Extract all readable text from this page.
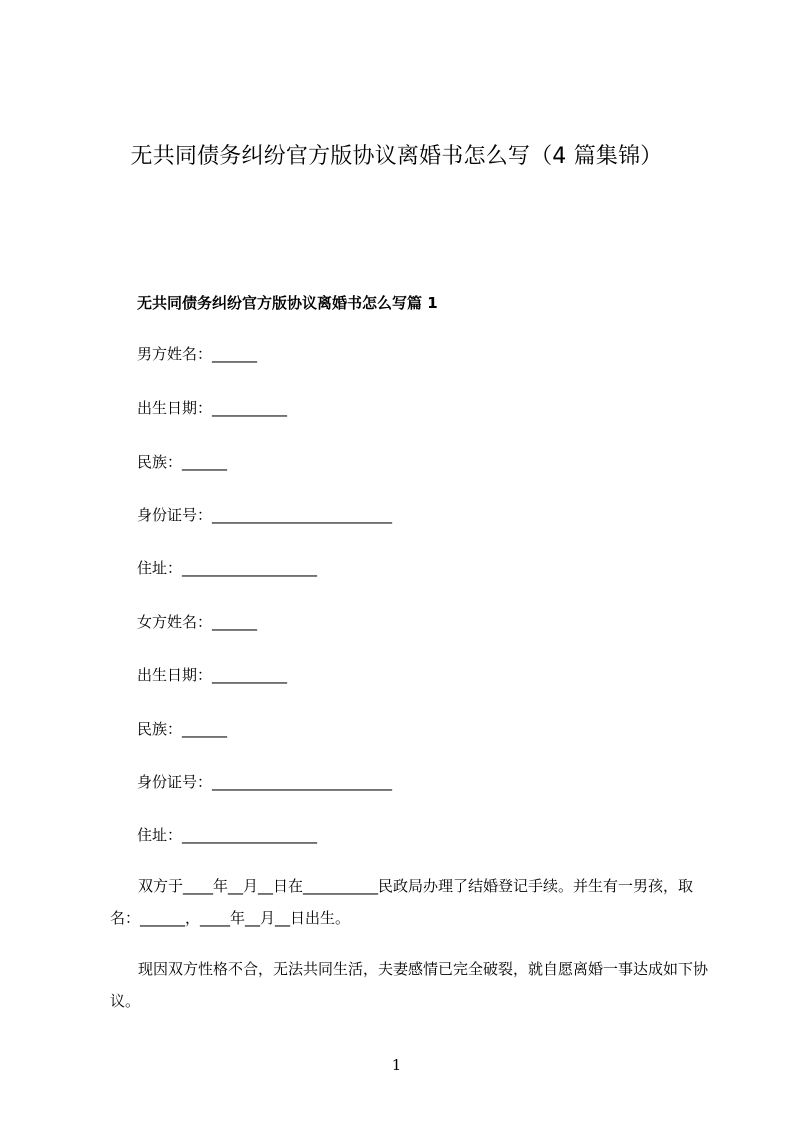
无共同债务纠纷官方版协议离婚书怎么写（4 篇集锦）
无共同债务纠纷官方版协议离婚书怎么写篇 1
男方姓名：______
出生日期：__________
民族：______
身份证号：________________________
住址：__________________
女方姓名：______
出生日期：__________
民族：______
身份证号：________________________
住址：__________________
双方于____年__月__日在__________民政局办理了结婚登记手续。并生有一男孩，取名：______，____年__月__日出生。
现因双方性格不合，无法共同生活，夫妻感情已完全破裂，就自愿离婚一事达成如下协议。
1
